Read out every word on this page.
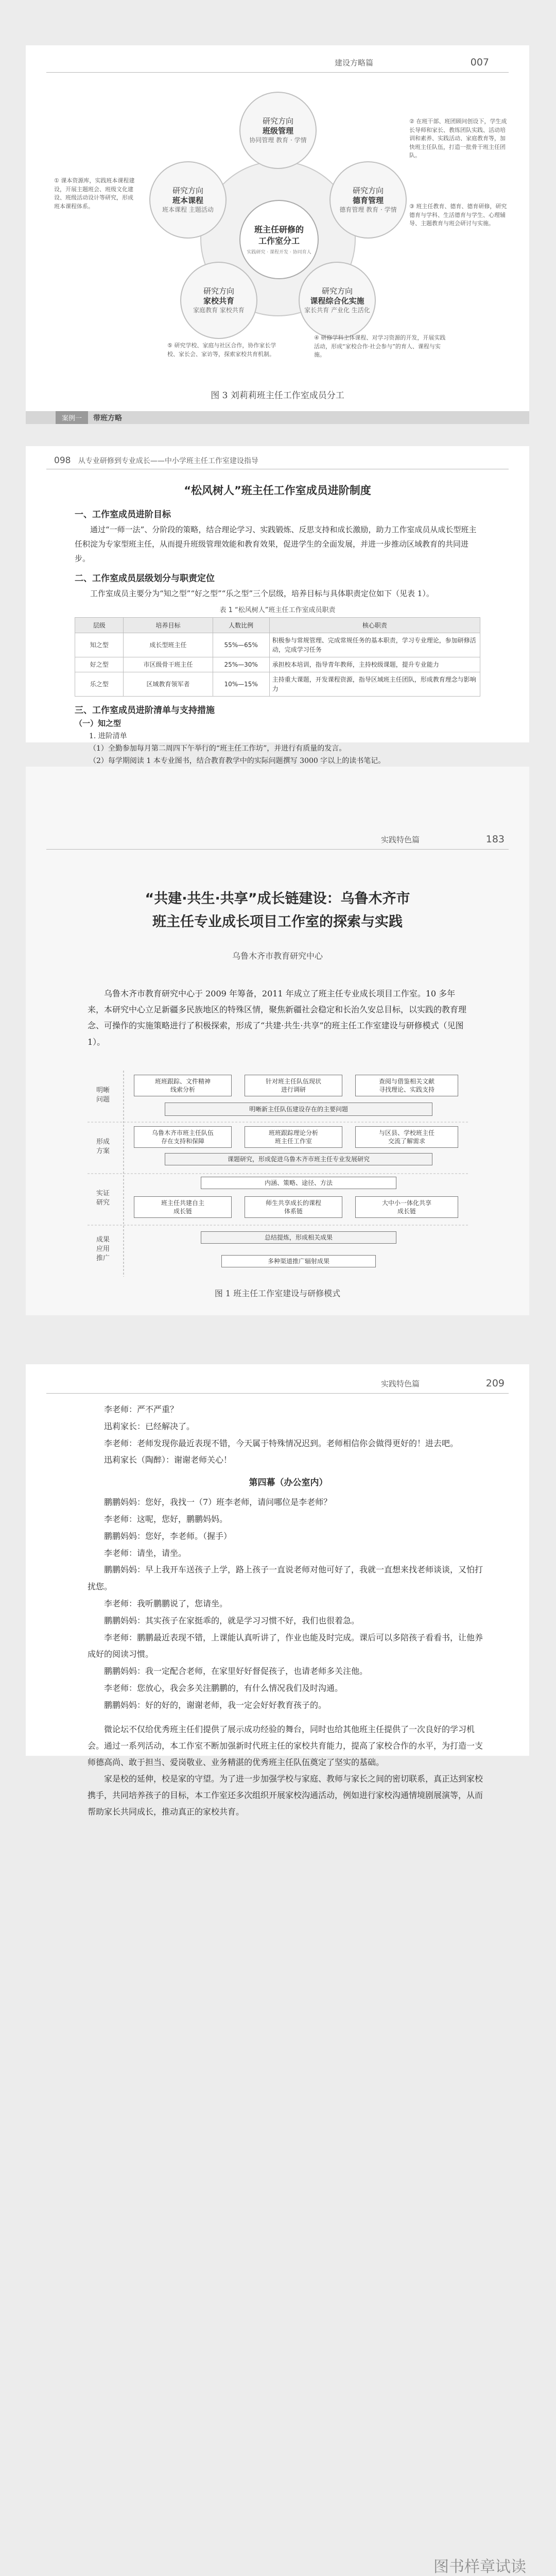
建设方略篇	007
研究方向
班级管理
协同管理 教育 · 学情
研究方向
德育管理
德育管理 教育 · 学情
研究方向
课程综合化实施
家长共育 产业化 生活化
研究方向
家校共育
家庭教育 家校共育
研究方向
班本课程
班本课程 主题活动
班主任研修的
工作室分工
实践研究 · 课程开发 · 协同育人
② 在班干部、班团顾问创设下，学生成长导师和家长、教练团队实践、活动培训和素养、实践活动、家庭教育等，加快班主任队伍，打造一批骨干班主任团队。
③ 班主任教育、德育、德育研修，研究德育与学科、生活德育与学生、心理辅导、主题教育与班会研讨与实施。
④ 研修学科主体课程、对学习资源的开发，开展实践活动，形成“家校合作·社会参与”的育人、课程与实施。
⑤ 研究学校、家庭与社区合作，协作家长学校、家长会、家访等，探索家校共育机制。
① 课本资源库，实践班本课程建设，开展主题班会、班级文化建设、班级活动设计等研究，形成班本课程体系。
图 3 刘莉莉班主任工作室成员分工
案例一	带班方略
098 从专业研修到专业成长——中小学班主任工作室建设指导

“松风树人”班主任工作室成员进阶制度

一、工作室成员进阶目标

通过“一师一法”、分阶段的策略，结合理论学习、实践锻炼、反思支持和成长激励，助力工作室成员从成长型班主任积淀为专家型班主任，从而提升班级管理效能和教育效果，促进学生的全面发展，并进一步推动区域教育的共同进步。

二、工作室成员层级划分与职责定位

工作室成员主要分为“知之型”“好之型”“乐之型”三个层级，培养目标与具体职责定位如下（见表 1）。

表 1 “松风树人”班主任工作室成员职责

层级	培养目标	人数比例	核心职责
知之型	成长型班主任	55%—65%	积极参与常规管理、完成常规任务的基本职责，学习专业理论，参加研修活动，完成学习任务
好之型	市区级骨干班主任	25%—30%	承担校本培训，指导青年教师，主持校级课题，提升专业能力
乐之型	区域教育领军者	10%—15%	主持重大课题，开发课程资源，指导区域班主任团队，形成教育理念与影响力

三、工作室成员进阶清单与支持措施

（一）知之型

1. 进阶清单

（1）全勤参加每月第二周四下午举行的“班主任工作坊”，并进行有质量的发言。

（2）每学期阅读 1 本专业图书，结合教育教学中的实际问题撰写 3000 字以上的读书笔记。

实践特色篇	183
“共建·共生·共享”成长链建设：乌鲁木齐市
班主任专业成长项目工作室的探索与实践
乌鲁木齐市教育研究中心

乌鲁木齐市教育研究中心于 2009 年筹备，2011 年成立了班主任专业成长项目工作室。10 多年来，本研究中心立足新疆多民族地区的特殊区情，聚焦新疆社会稳定和长治久安总目标，以实践的教育理念、可操作的实施策略进行了积极探索，形成了“共建·共生·共享”的班主任工作室建设与研修模式（见图 1）。

明晰
问题
形成
方案
实证
研究
成果
应用
推广
班班跟踪、文件精神
线索分析
针对班主任队伍现状
进行调研
查阅与借鉴相关文献
寻找理论、实践支持
明晰新主任队伍建设存在的主要问题
乌鲁木齐市班主任队伍
存在支持和保障
班班跟踪理论分析
班主任工作室
与区县、学校班主任
交流了解需求
课题研究，形成促进乌鲁木齐市班主任专业发展研究
内涵、策略、途径、方法
班主任共建自主
成长链
师生共享成长的课程
体系链
大中小一体化共享
成长链
总结提炼，形成相关成果
多种渠道推广辐射成果
图 1 班主任工作室建设与研修模式
实践特色篇	209

李老师：严不严重？

迅莉家长：已经解决了。

李老师：老师发现你最近表现不错，今天属于特殊情况迟到。老师相信你会做得更好的！进去吧。

迅莉家长（陶醉）：谢谢老师关心！

第四幕（办公室内）

鹏鹏妈妈：您好，我找一（7）班李老师，请问哪位是李老师？

李老师：这呢，您好，鹏鹏妈妈。

鹏鹏妈妈：您好，李老师。（握手）

李老师：请坐，请坐。

鹏鹏妈妈：早上我开车送孩子上学，路上孩子一直说老师对他可好了，我就一直想来找老师谈谈，又怕打扰您。

李老师：我听鹏鹏说了，您请坐。

鹏鹏妈妈：其实孩子在家挺乖的，就是学习习惯不好，我们也很着急。

李老师：鹏鹏最近表现不错，上课能认真听讲了，作业也能及时完成。课后可以多陪孩子看看书，让他养成好的阅读习惯。

鹏鹏妈妈：我一定配合老师，在家里好好督促孩子，也请老师多关注他。

李老师：您放心，我会多关注鹏鹏的，有什么情况我们及时沟通。

鹏鹏妈妈：好的好的，谢谢老师，我一定会好好教育孩子的。

微论坛不仅给优秀班主任们提供了展示成功经验的舞台，同时也给其他班主任提供了一次良好的学习机会。通过一系列活动，本工作室不断加强新时代班主任的家校共育能力，提高了家校合作的水平，为打造一支师德高尚、敢于担当、爱岗敬业、业务精湛的优秀班主任队伍奠定了坚实的基础。

家是校的延伸，校是家的守望。为了进一步加强学校与家庭、教师与家长之间的密切联系，真正达到家校携手，共同培养孩子的目标，本工作室还多次组织开展家校沟通活动，例如进行家校沟通情境剧展演等，从而帮助家长共同成长，推动真正的家校共育。

图书样章试读
